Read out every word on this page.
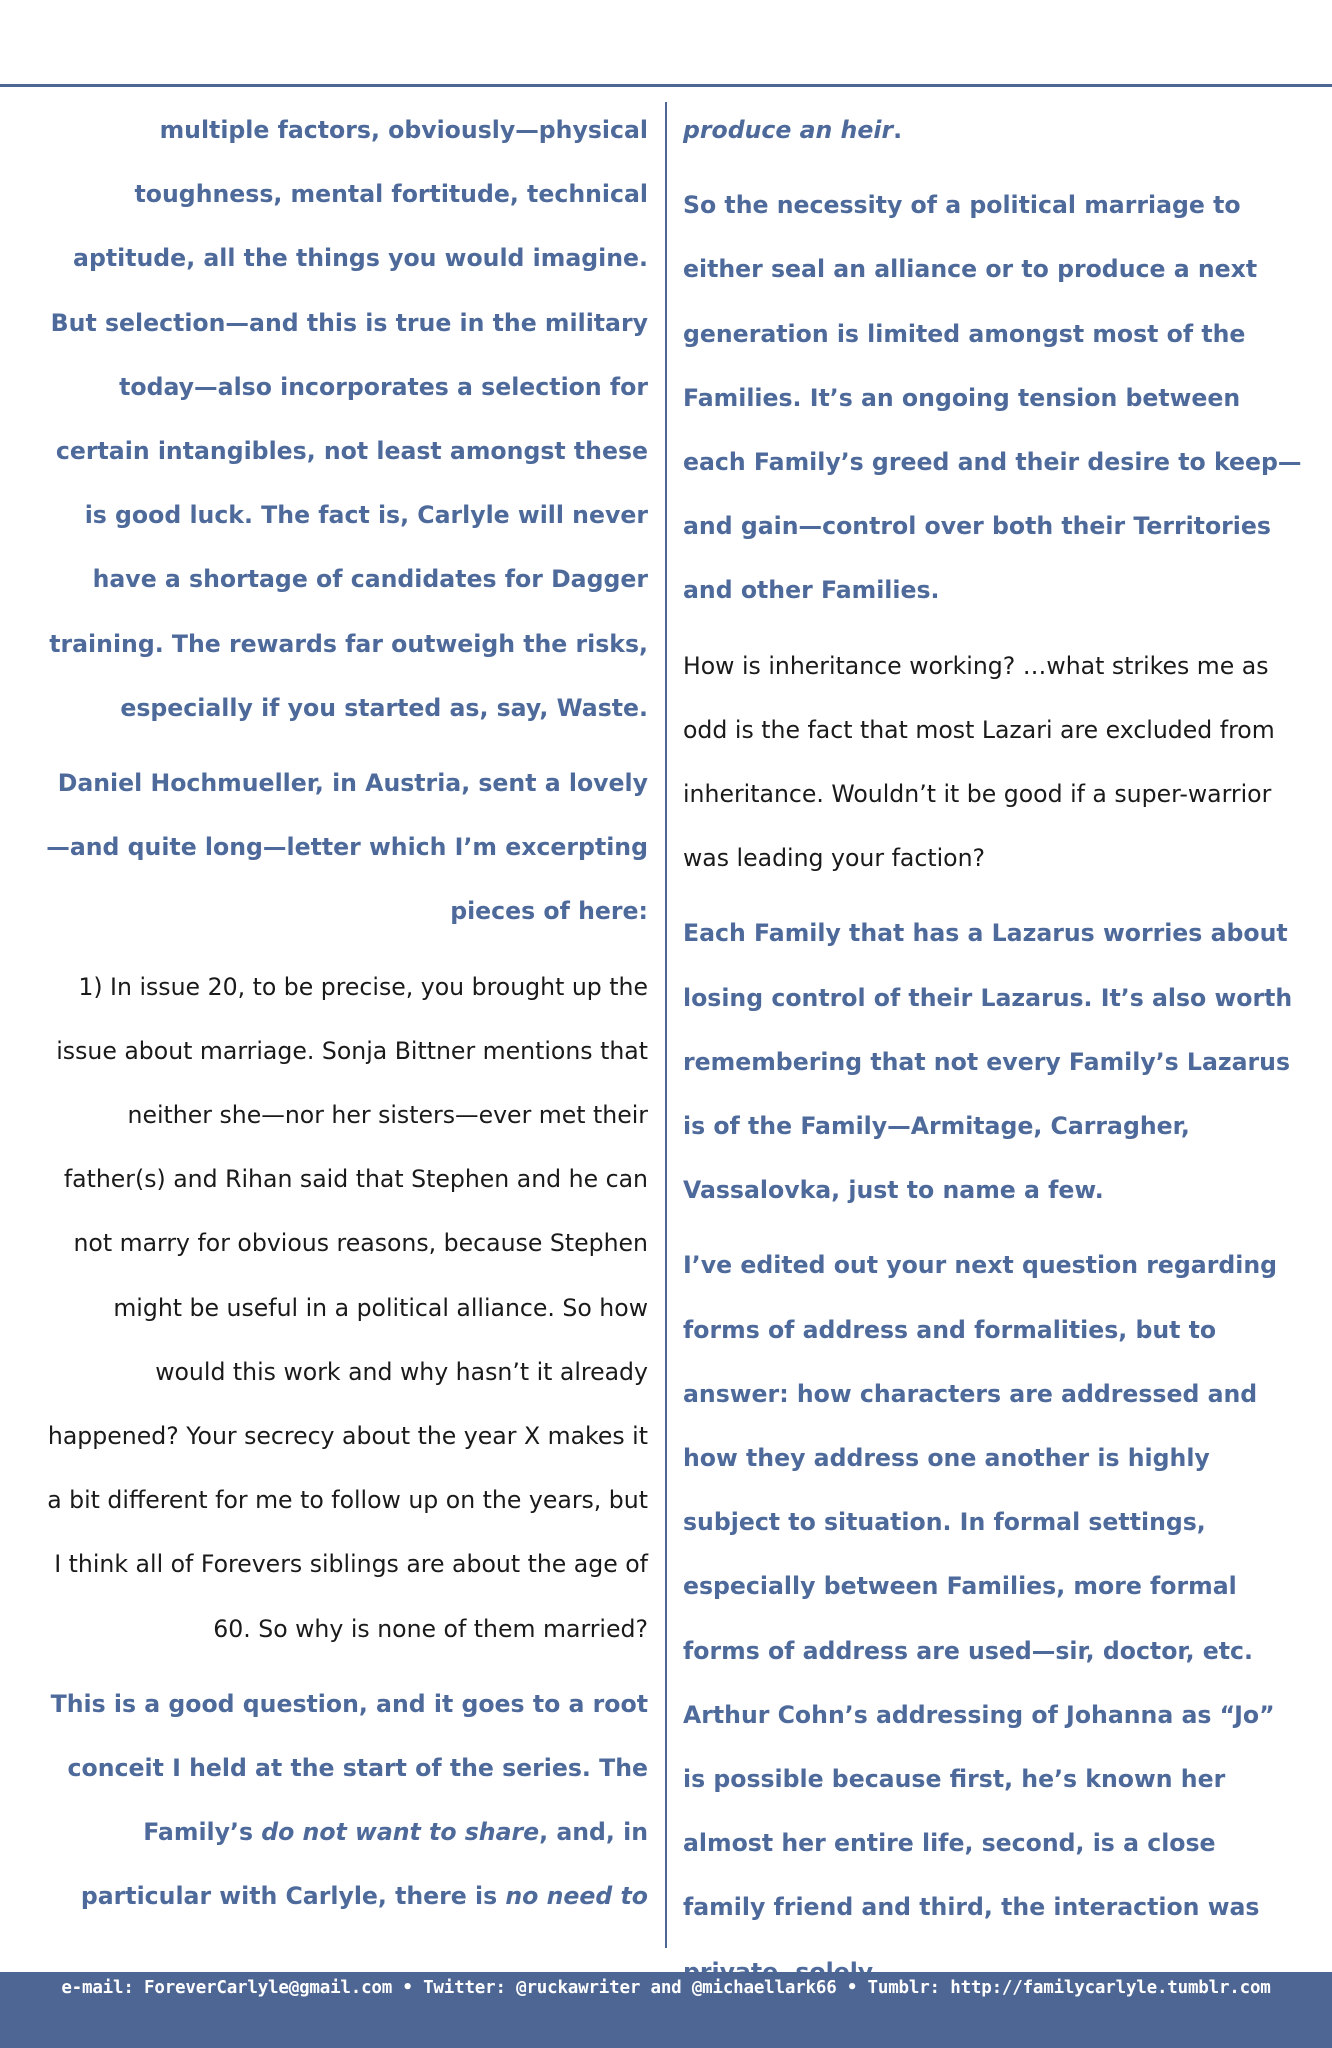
multiple factors, obviously—physical toughness, mental fortitude, technical aptitude, all the things you would imagine. But selection—and this is true in the military today—also incorporates a selection for certain intangibles, not least amongst these is good luck. The fact is, Carlyle will never have a shortage of candidates for Dagger training. The rewards far outweigh the risks, especially if you started as, say, Waste.

Daniel Hochmueller, in Austria, sent a lovely—and quite long—letter which I’m excerpting pieces of here:

1) In issue 20, to be precise, you brought up the issue about marriage. Sonja Bittner mentions that neither she—nor her sisters—ever met their father(s) and Rihan said that Stephen and he can not marry for obvious reasons, because Stephen might be useful in a political alliance. So how would this work and why hasn’t it already happened? Your secrecy about the year X makes it a bit different for me to follow up on the years, but I think all of Forevers siblings are about the age of 60. So why is none of them married?

This is a good question, and it goes to a root conceit I held at the start of the series. The Family’s do not want to share, and, in particular with Carlyle, there is no need to

produce an heir.

So the necessity of a political marriage to either seal an alliance or to produce a next generation is limited amongst most of the Families. It’s an ongoing tension between each Family’s greed and their desire to keep—and gain—control over both their Territories and other Families.

How is inheritance working? …what strikes me as odd is the fact that most Lazari are excluded from inheritance. Wouldn’t it be good if a super-warrior was leading your faction?

Each Family that has a Lazarus worries about losing control of their Lazarus. It’s also worth remembering that not every Family’s Lazarus is of the Family—Armitage, Carragher, Vassalovka, just to name a few.

I’ve edited out your next question regarding forms of address and formalities, but to answer: how characters are addressed and how they address one another is highly subject to situation. In formal settings, especially between Families, more formal forms of address are used—sir, doctor, etc. Arthur Cohn’s addressing of Johanna as “Jo” is possible because first, he’s known her almost her entire life, second, is a close family friend and third, the interaction was

e-mail: ForeverCarlyle@gmail.com • Twitter: @ruckawriter and @michaellark66 • Tumblr: http://familycarlyle.tumblr.com
